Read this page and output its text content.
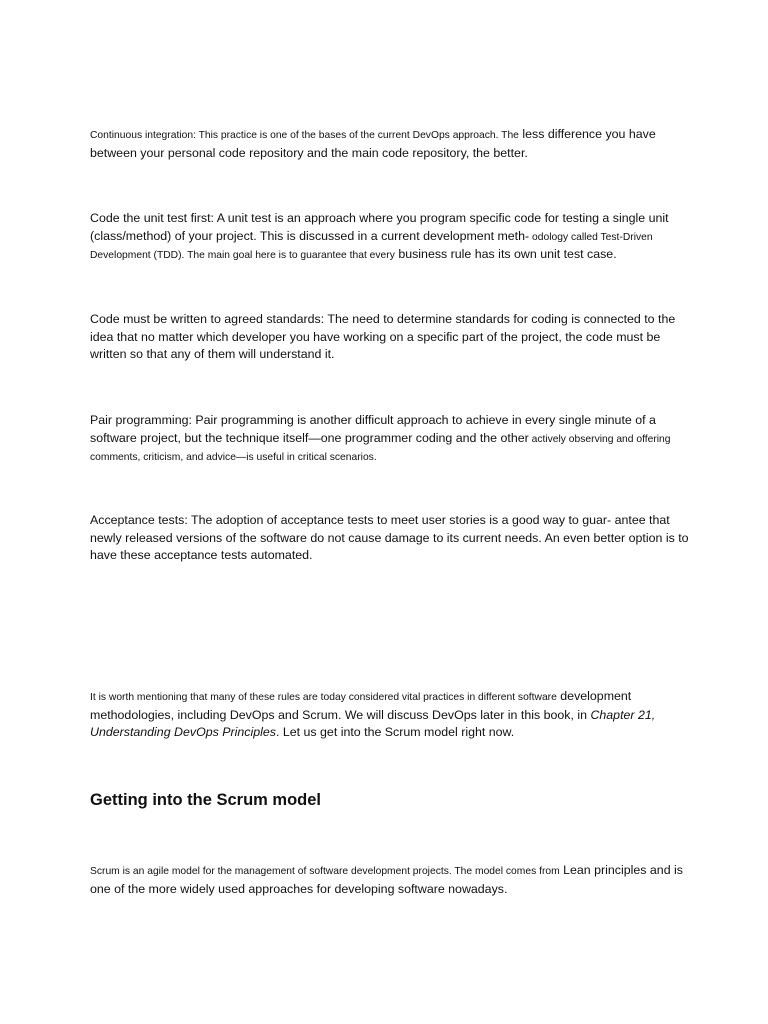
Continuous integration: This practice is one of the bases of the current DevOps approach. The less difference you have between your personal code repository and the main code repository, the better.

Code the unit test first: A unit test is an approach where you program specific code for testing a single unit (class/method) of your project. This is discussed in a current development meth- odology called Test-Driven Development (TDD). The main goal here is to guarantee that every business rule has its own unit test case.

Code must be written to agreed standards: The need to determine standards for coding is connected to the idea that no matter which developer you have working on a specific part of the project, the code must be written so that any of them will understand it.

Pair programming: Pair programming is another difficult approach to achieve in every single minute of a software project, but the technique itself—one programmer coding and the other actively observing and offering comments, criticism, and advice—is useful in critical scenarios.

Acceptance tests: The adoption of acceptance tests to meet user stories is a good way to guar- antee that newly released versions of the software do not cause damage to its current needs. An even better option is to have these acceptance tests automated.

It is worth mentioning that many of these rules are today considered vital practices in different software development methodologies, including DevOps and Scrum. We will discuss DevOps later in this book, in Chapter 21, Understanding DevOps Principles. Let us get into the Scrum model right now.

Getting into the Scrum model

Scrum is an agile model for the management of software development projects. The model comes from Lean principles and is one of the more widely used approaches for developing software nowadays.
